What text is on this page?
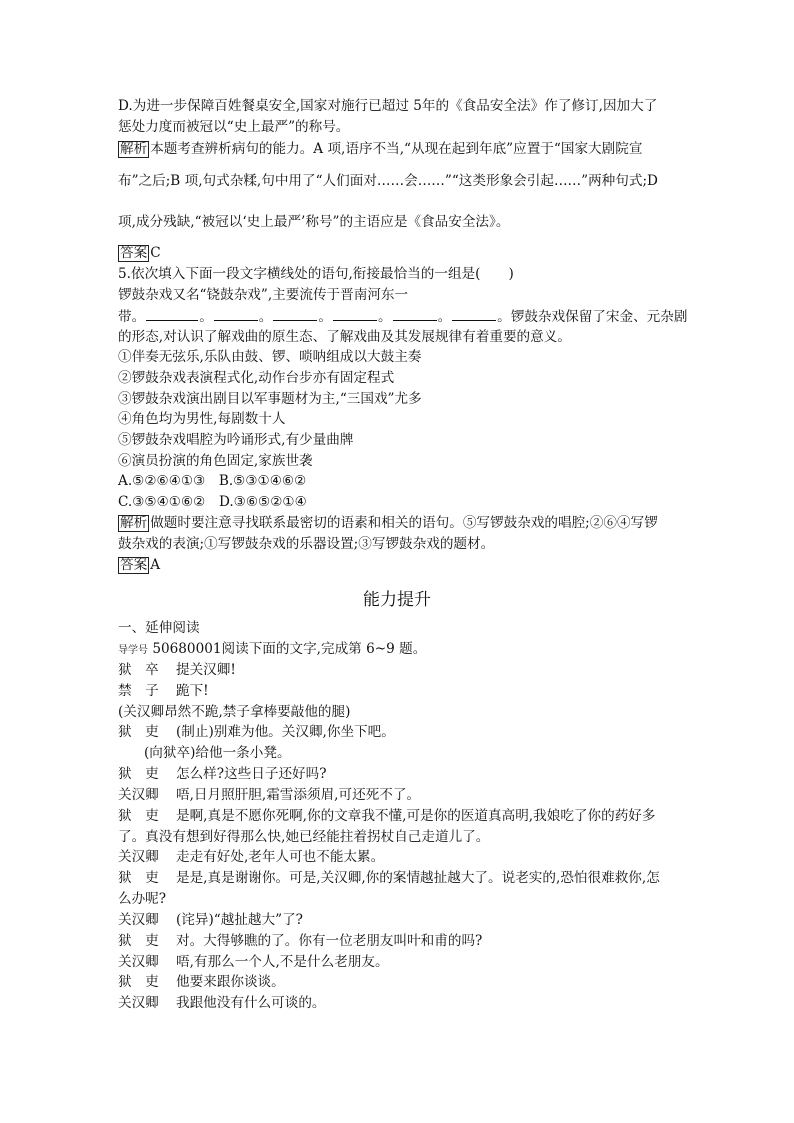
D.为进一步保障百姓餐桌安全,国家对施行已超过 5年的《食品安全法》作了修订,因加大了
惩处力度而被冠以“史上最严”的称号。
解析 本题考查辨析病句的能力。A 项,语序不当,“从现在起到年底”应置于“国家大剧院宣
布”之后;B 项,句式杂糅,句中用了“人们面对……会……”“这类形象会引起……”两种句式;D
项,成分残缺,“被冠以‘史上最严’称号”的主语应是《食品安全法》。
答案 C
5.依次填入下面一段文字横线处的语句,衔接最恰当的一组是( )
锣鼓杂戏又名“铙鼓杂戏”,主要流传于晋南河东一
带。	。	。	。	。	。	。锣鼓杂戏保留了宋金、元杂剧
的形态,对认识了解戏曲的原生态、了解戏曲及其发展规律有着重要的意义。
①伴奏无弦乐,乐队由鼓、锣、唢呐组成以大鼓主奏
②锣鼓杂戏表演程式化,动作台步亦有固定程式
③锣鼓杂戏演出剧目以军事题材为主,“三国戏”尤多
④角色均为男性,每剧数十人
⑤锣鼓杂戏唱腔为吟诵形式,有少量曲牌
⑥演员扮演的角色固定,家族世袭
A.⑤②⑥④①③　B.⑤③①④⑥②
C.③⑤④①⑥②　D.③⑥⑤②①④
解析 做题时要注意寻找联系最密切的语素和相关的语句。⑤写锣鼓杂戏的唱腔;②⑥④写锣
鼓杂戏的表演;①写锣鼓杂戏的乐器设置;③写锣鼓杂戏的题材。
答案 A
能力提升
一、延伸阅读
导学号 50680001阅读下面的文字,完成第 6~9 题。
狱　卒 提关汉卿!
禁　子 跪下!
(关汉卿昂然不跪,禁子拿棒要敲他的腿)
狱　吏 (制止)别难为他。关汉卿,你坐下吧。
(向狱卒)给他一条小凳。
狱　吏 怎么样?这些日子还好吗?
关汉卿 唔,日月照肝胆,霜雪添须眉,可还死不了。
狱　吏 是啊,真是不愿你死啊,你的文章我不懂,可是你的医道真高明,我娘吃了你的药好多
了。真没有想到好得那么快,她已经能拄着拐杖自己走道儿了。
关汉卿 走走有好处,老年人可也不能太累。
狱　吏 是是,真是谢谢你。可是,关汉卿,你的案情越扯越大了。说老实的,恐怕很难救你,怎
么办呢?
关汉卿 (诧异)“越扯越大”了?
狱　吏 对。大得够瞧的了。你有一位老朋友叫叶和甫的吗?
关汉卿 唔,有那么一个人,不是什么老朋友。
狱　吏 他要来跟你谈谈。
关汉卿 我跟他没有什么可谈的。
